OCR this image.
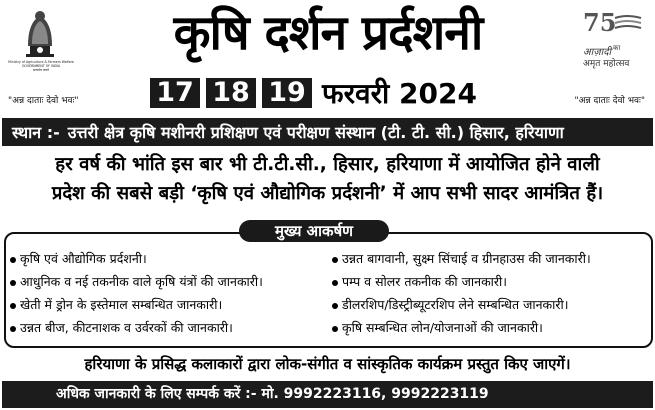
Ministry of Agriculture & Farmers Welfare
GOVERNMENT OF INDIA
सत्यमेव जयते
"अन्न दाताः देवो भवः"
कृषि दर्शन प्रर्दशनी	75
आज़ादी का
अमृत महोत्सव
"अन्न दाताः देवो भवः"
17 18 19 फरवरी 2024
स्थान :- उत्तरी क्षेत्र कृषि मशीनरी प्रशिक्षण एवं परीक्षण संस्थान (टी. टी. सी.) हिसार, हरियाणा
हर वर्ष की भांति इस बार भी टी.टी.सी., हिसार, हरियाणा में आयोजित होने वाली
प्रदेश की सबसे बड़ी ‘कृषि एवं औद्योगिक प्रर्दशनी’ में आप सभी सादर आमंत्रित हैं।
मुख्य आकर्षण
कृषि एवं औद्योगिक प्रर्दशनी।
आधुनिक व नई तकनीक वाले कृषि यंत्रों की जानकारी।
खेती में ड्रोन के इस्तेमाल सम्बन्धित जानकारी।
उन्नत बीज, कीटनाशक व उर्वरकों की जानकारी।
उन्नत बागवानी, सुक्ष्म सिंचाई व ग्रीनहाउस की जानकारी।
पम्प व सोलर तकनीक की जानकारी।
डीलरशिप/डिस्ट्रीब्यूटरशिप लेने सम्बन्धित जानकारी।
कृषि सम्बन्धित लोन/योजनाओं की जानकारी।
हरियाणा के प्रसिद्ध कलाकारों द्वारा लोक-संगीत व सांस्कृतिक कार्यक्रम प्रस्तुत किए जाएगें।
अधिक जानकारी के लिए सम्पर्क करें :- मो. 9992223116, 9992223119
